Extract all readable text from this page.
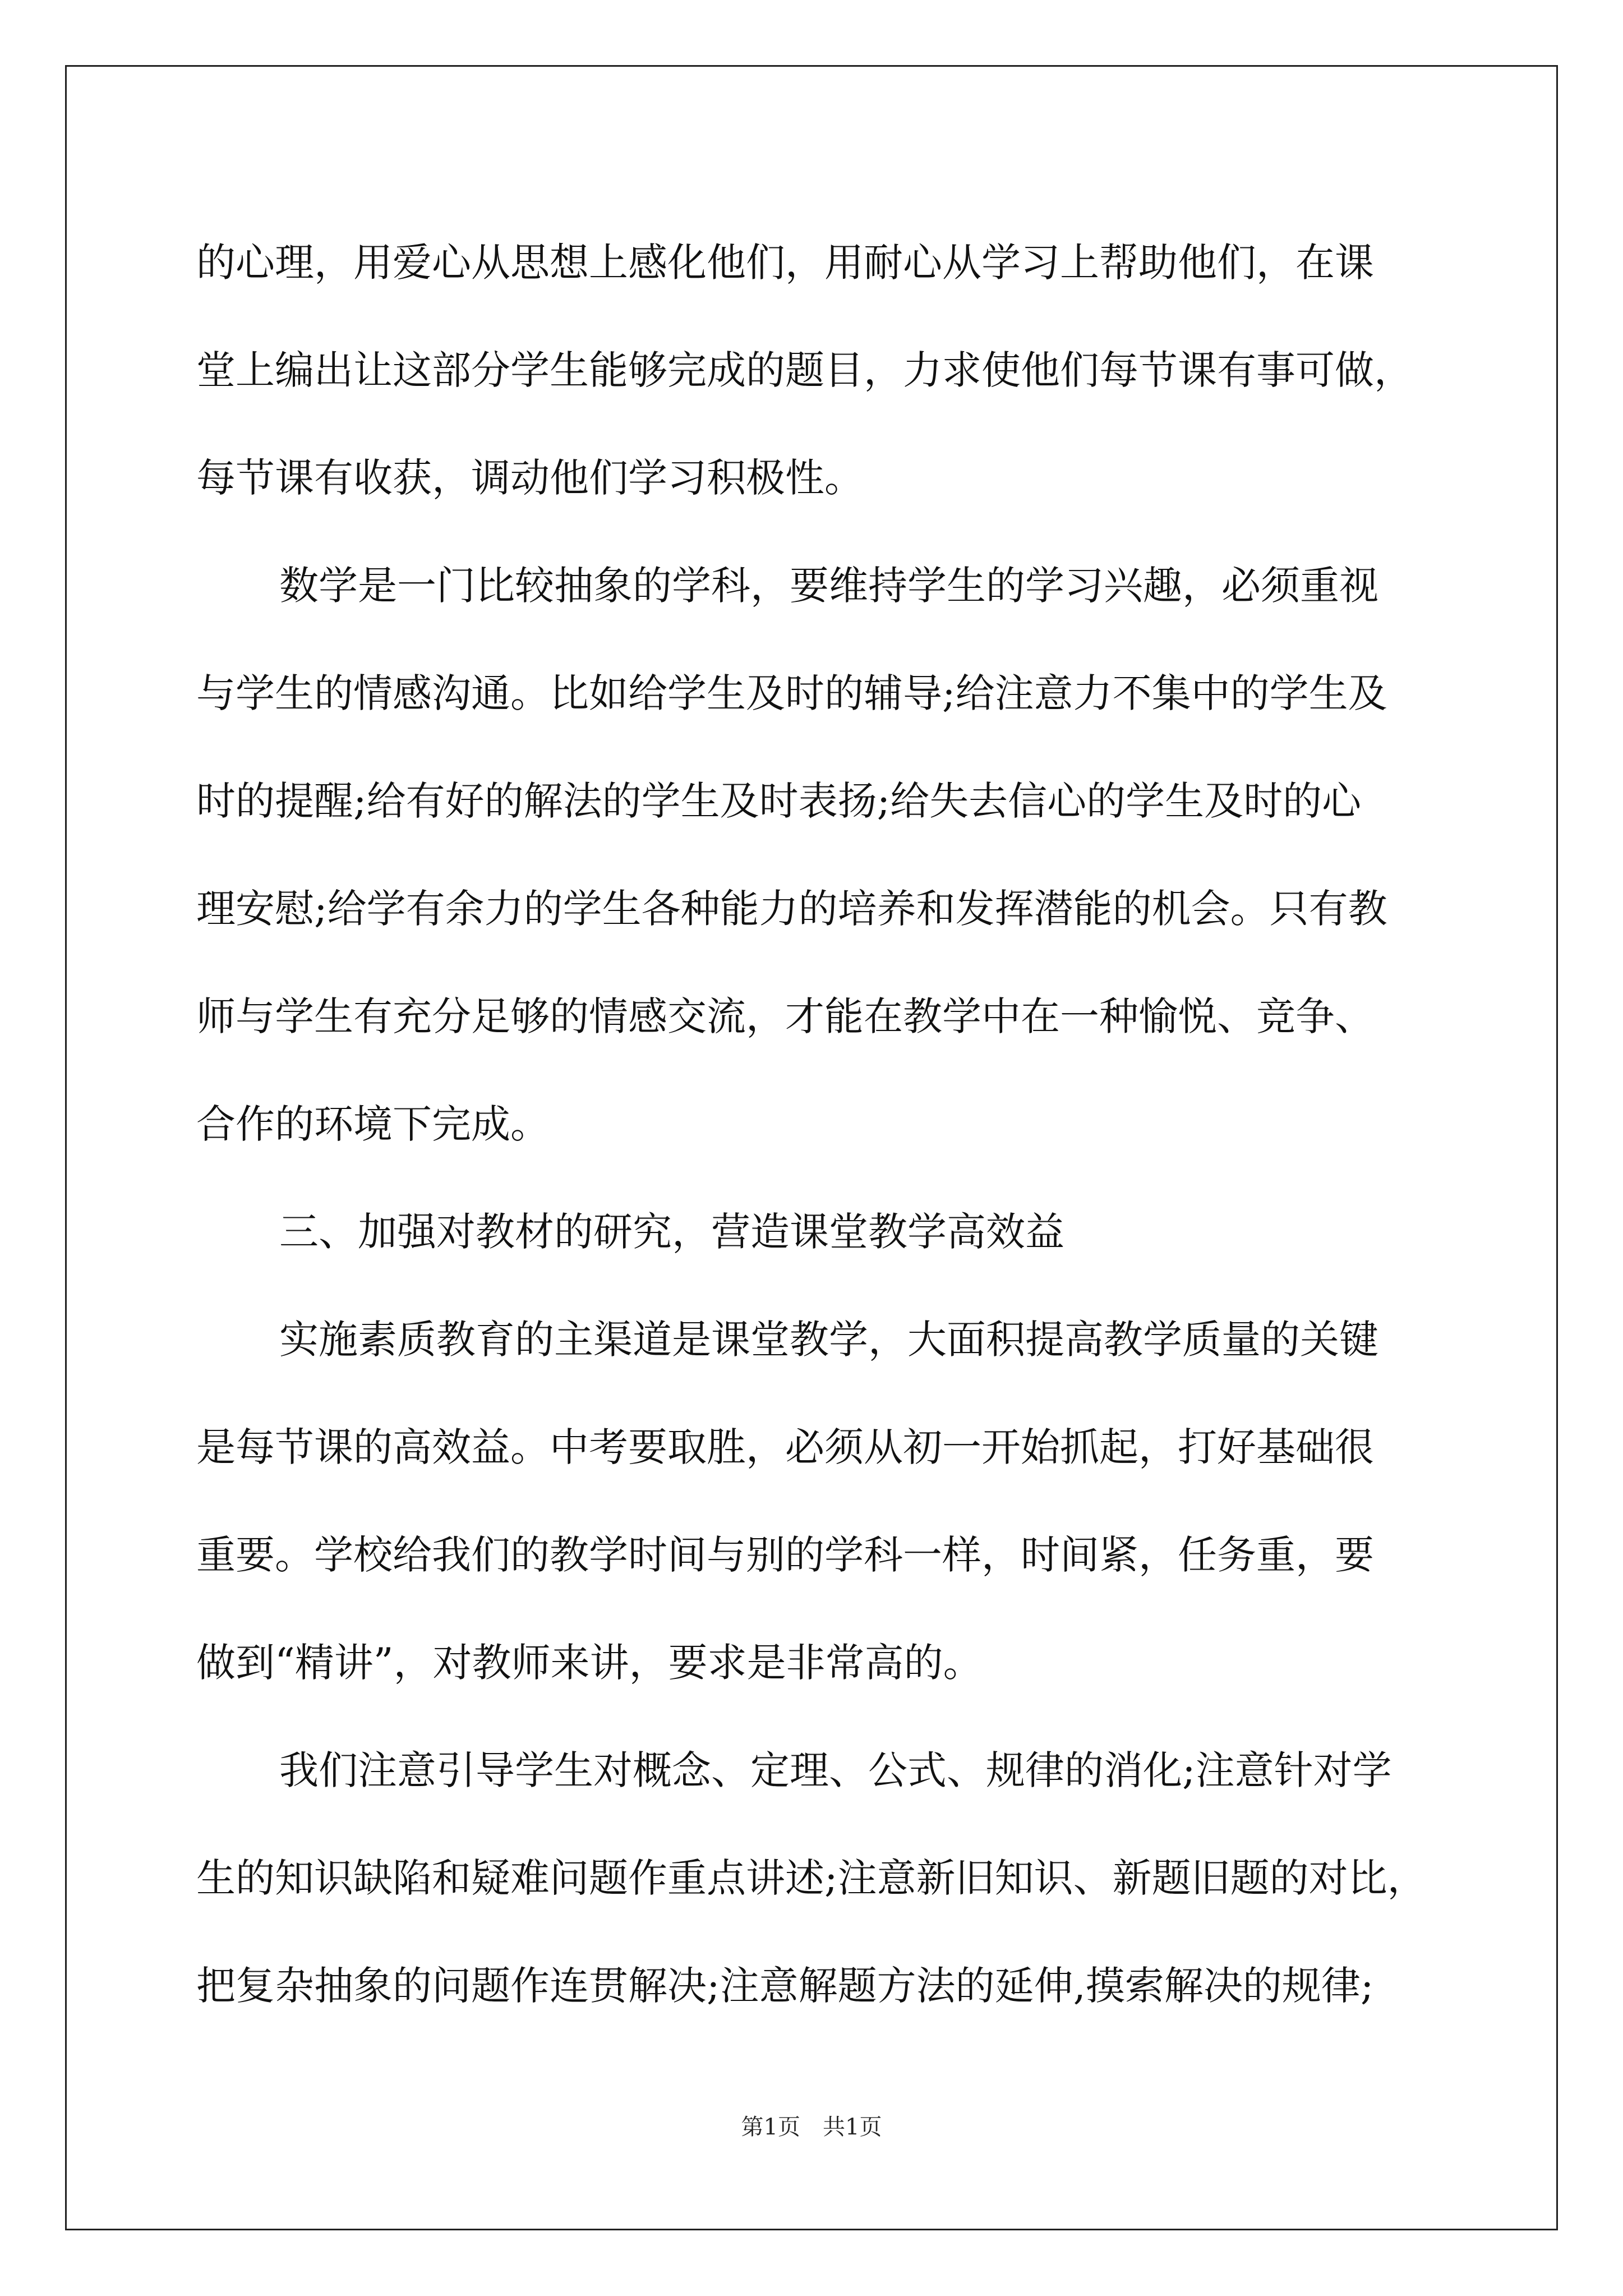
的心理，用爱心从思想上感化他们，用耐心从学习上帮助他们，在课
堂上编出让这部分学生能够完成的题目，力求使他们每节课有事可做，
每节课有收获，调动他们学习积极性。
数学是一门比较抽象的学科，要维持学生的学习兴趣，必须重视
与学生的情感沟通。比如给学生及时的辅导;给注意力不集中的学生及
时的提醒;给有好的解法的学生及时表扬;给失去信心的学生及时的心
理安慰;给学有余力的学生各种能力的培养和发挥潜能的机会。只有教
师与学生有充分足够的情感交流，才能在教学中在一种愉悦、竞争、
合作的环境下完成。
三、加强对教材的研究，营造课堂教学高效益
实施素质教育的主渠道是课堂教学，大面积提高教学质量的关键
是每节课的高效益。中考要取胜，必须从初一开始抓起，打好基础很
重要。学校给我们的教学时间与别的学科一样，时间紧，任务重，要
做到“精讲”，对教师来讲，要求是非常高的。
我们注意引导学生对概念、定理、公式、规律的消化;注意针对学
生的知识缺陷和疑难问题作重点讲述;注意新旧知识、新题旧题的对比，
把复杂抽象的问题作连贯解决;注意解题方法的延伸,摸索解决的规律;
第1页 共1页
